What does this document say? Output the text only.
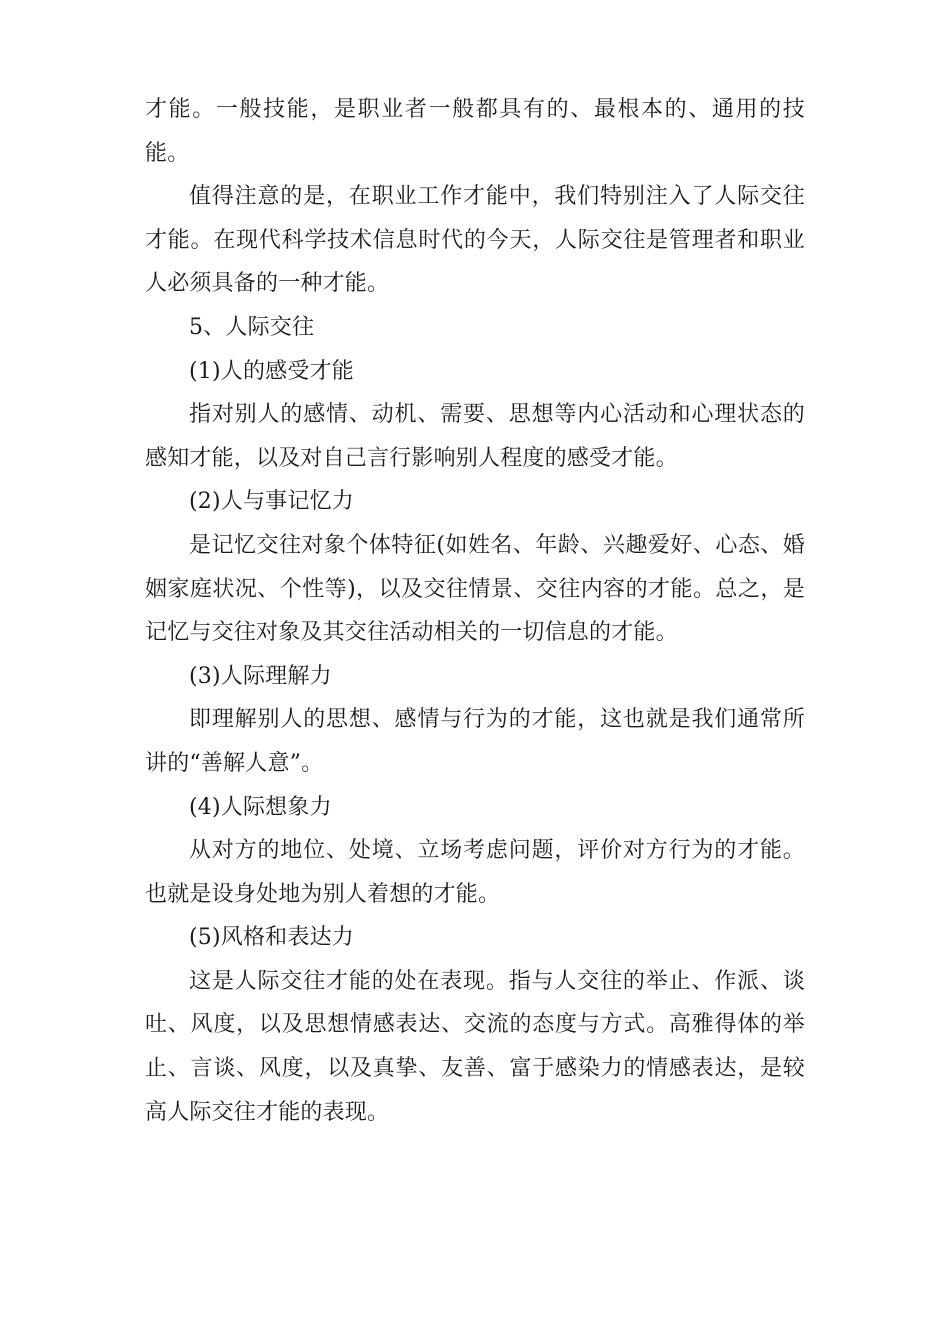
才能。一般技能，是职业者一般都具有的、最根本的、通用的技能。

值得注意的是，在职业工作才能中，我们特别注入了人际交往才能。在现代科学技术信息时代的今天，人际交往是管理者和职业人必须具备的一种才能。

5、人际交往

(1)人的感受才能

指对别人的感情、动机、需要、思想等内心活动和心理状态的感知才能，以及对自己言行影响别人程度的感受才能。

(2)人与事记忆力

是记忆交往对象个体特征(如姓名、年龄、兴趣爱好、心态、婚姻家庭状况、个性等)，以及交往情景、交往内容的才能。总之，是记忆与交往对象及其交往活动相关的一切信息的才能。

(3)人际理解力

即理解别人的思想、感情与行为的才能，这也就是我们通常所讲的“善解人意”。

(4)人际想象力

从对方的地位、处境、立场考虑问题，评价对方行为的才能。也就是设身处地为别人着想的才能。

(5)风格和表达力

这是人际交往才能的处在表现。指与人交往的举止、作派、谈吐、风度，以及思想情感表达、交流的态度与方式。高雅得体的举止、言谈、风度，以及真挚、友善、富于感染力的情感表达，是较高人际交往才能的表现。
